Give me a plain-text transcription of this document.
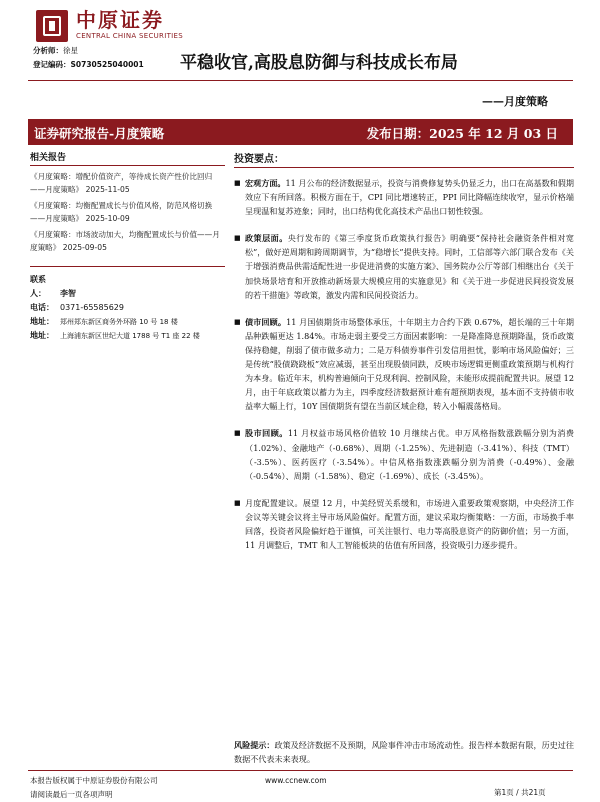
中原证券
CENTRAL CHINA SECURITIES
分析师：徐星
登记编码：S0730525040001 平稳收官,高股息防御与科技成长布局
——月度策略
证券研究报告-月度策略	发布日期：2025 年 12 月 03 日
相关报告
《月度策略：增配价值资产，等待成长资产性价比回归——月度策略》 2025-11-05
《月度策略：均衡配置成长与价值风格，防范风格切换——月度策略》 2025-10-09
《月度策略：市场波动加大，均衡配置成长与价值——月度策略》 2025-09-05
联系人： 李智
电话： 0371-65585629
地址： 郑州郑东新区商务外环路 10 号 18 楼
地址： 上海浦东新区世纪大道 1788 号 T1 座 22 楼
投资要点：
■ 宏观方面。11 月公布的经济数据显示，投资与消费修复势头仍显乏力，出口在高基数和假期效应下有所回落。积极方面在于，CPI 同比增速转正，PPI 同比降幅连续收窄，显示价格端呈现温和复苏迹象；同时，出口结构优化高技术产品出口韧性较强。
■ 政策层面。央行发布的《第三季度货币政策执行报告》明确要“保持社会融资条件相对宽松”，做好逆周期和跨周期调节，为“稳增长”提供支持。同时，工信部等六部门联合发布《关于增强消费品供需适配性进一步促进消费的实施方案》、国务院办公厅等部门相继出台《关于加快场景培育和开放推动新场景大规模应用的实施意见》和《关于进一步促进民间投资发展的若干措施》等政策，激发内需和民间投资活力。
■ 债市回顾。11 月国债期货市场整体承压，十年期主力合约下跌 0.67%，超长端的三十年期品种跌幅更达 1.84%。市场走弱主要受三方面因素影响：一是降准降息预期降温，货币政策保持稳健，削弱了债市做多动力；二是万科债券事件引发信用担忧，影响市场风险偏好；三是传统“股债跷跷板”效应减弱，甚至出现股债同跌，反映市场逻辑更侧重政策预期与机构行为本身。临近年末，机构普遍倾向于兑现利润、控制风险，未能形成提前配置共识。展望 12 月，由于年底政策以蓄力为主，四季度经济数据预计难有超预期表现，基本面不支持债市收益率大幅上行，10Y 国债期货有望在当前区域企稳，转入小幅震荡格局。
■ 股市回顾。11 月权益市场风格价值较 10 月继续占优。申万风格指数涨跌幅分别为消费（1.02%）、金融地产（-0.68%）、周期（-1.25%）、先进制造（-3.41%）、科技（TMT）（-3.5%）、医药医疗（-3.54%）。中信风格指数涨跌幅分别为消费（-0.49%）、金融（-0.54%）、周期（-1.58%）、稳定（-1.69%）、成长（-3.45%）。
■ 月度配置建议。展望 12 月，中美经贸关系缓和，市场进入重要政策观察期，中央经济工作会议等关键会议将主导市场风险偏好。配置方面，建议采取均衡策略：一方面，市场换手率回落，投资者风险偏好趋于谨慎，可关注银行、电力等高股息资产的防御价值；另一方面，11 月调整后，TMT 和人工智能板块的估值有所回落，投资吸引力逐步提升。
风险提示：政策及经济数据不及预期，风险事件冲击市场流动性。报告样本数据有限，历史过往数据不代表未来表现。
本报告版权属于中原证券股份有限公司
请阅读最后一页各项声明
www.ccnew.com
第1页 / 共21页
